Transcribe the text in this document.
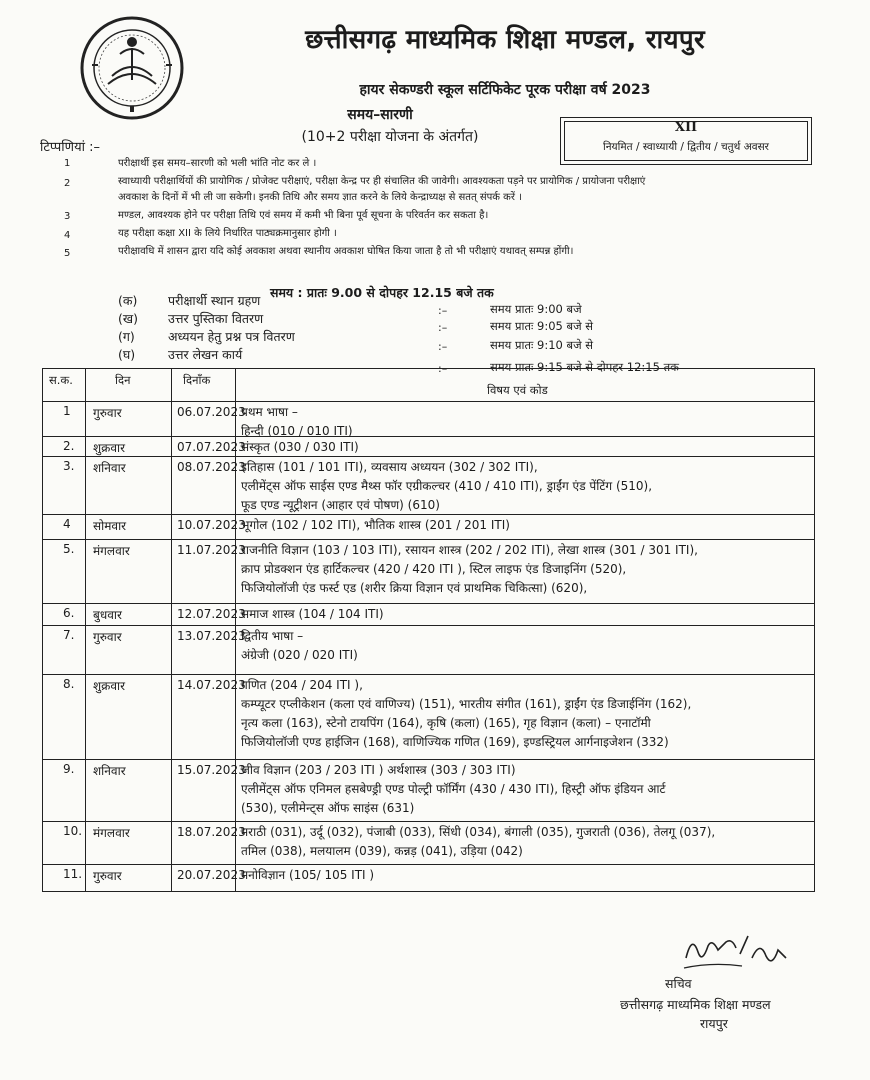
छत्तीसगढ़ माध्यमिक शिक्षा मण्डल, रायपुर
हायर सेकण्डरी स्कूल सर्टिफिकेट पूरक परीक्षा वर्ष 2023
समय–सारणी
(10+2 परीक्षा योजना के अंतर्गत)
XII
नियमित / स्वाध्यायी / द्वितीय / चतुर्थ अवसर
टिप्पणियां :–
1	परीक्षार्थी इस समय–सारणी को भली भांति नोट कर ले ।
2	स्वाध्यायी परीक्षार्थियों की प्रायोगिक / प्रोजेक्ट परीक्षाएं, परीक्षा केन्द्र पर ही संचालित की जावेगी। आवश्यकता पड़ने पर प्रायोगिक / प्रायोजना परीक्षाएं
अवकाश के दिनों में भी ली जा सकेगी। इनकी तिथि और समय ज्ञात करने के लिये केन्द्राध्यक्ष से सतत् संपर्क करें ।
3	मण्डल, आवश्यक होने पर परीक्षा तिथि एवं समय में कमी भी बिना पूर्व सूचना के परिवर्तन कर सकता है।
4	यह परीक्षा कक्षा XII के लिये निर्धारित पाठ्यक्रमानुसार होगी ।
5	परीक्षावधि में शासन द्वारा यदि कोई अवकाश अथवा स्थानीय अवकाश घोषित किया जाता है तो भी परीक्षाएं यथावत् सम्पन्न होंगी।
समय : प्रातः 9.00 से दोपहर 12.15 बजे तक
(क) परीक्षार्थी स्थान ग्रहण
:–	समय प्रातः 9:00 बजे
(ख) उत्तर पुस्तिका वितरण
:–	समय प्रातः 9:05 बजे से
(ग)	अध्ययन हेतु प्रश्न पत्र वितरण
:–	समय प्रातः 9:10 बजे से
(घ)	उत्तर लेखन कार्य
:–	समय प्रातः 9:15 बजे से दोपहर 12:15 तक
स.क.	दिन	दिनाँक
विषय एवं कोड
1 गुरुवार	06.07.2023
प्रथम भाषा –
हिन्दी (010 / 010 ITI)
2. शुक्रवार	07.07.2023
संस्कृत (030 / 030 ITI)
3. शनिवार	08.07.2023
इतिहास (101 / 101 ITI), व्यवसाय अध्ययन (302 / 302 ITI),
एलीमेंट्स ऑफ साईस एण्ड मैथ्स फॉर एग्रीकल्चर (410 / 410 ITI), ड्राईंग एंड पेंटिंग (510),
फूड एण्ड न्यूट्रीशन (आहार एवं पोषण) (610)
4 सोमवार	10.07.2023
भूगोल (102 / 102 ITI), भौतिक शास्त्र (201 / 201 ITI)
5. मंगलवार	11.07.2023
राजनीति विज्ञान (103 / 103 ITI), रसायन शास्त्र (202 / 202 ITI), लेखा शास्त्र (301 / 301 ITI),
क्राप प्रोडक्शन एंड हार्टिकल्चर (420 / 420 ITI ), स्टिल लाइफ एंड डिजाइनिंग (520),
फिजियोलॉजी एंड फर्स्ट एड (शरीर क्रिया विज्ञान एवं प्राथमिक चिकित्सा) (620),
6. बुधवार	12.07.2023
समाज शास्त्र (104 / 104 ITI)
7. गुरुवार	13.07.2023
द्वितीय भाषा –
अंग्रेजी (020 / 020 ITI)
8. शुक्रवार	14.07.2023
गणित (204 / 204 ITI ),
कम्प्यूटर एप्लीकेशन (कला एवं वाणिज्य) (151), भारतीय संगीत (161), ड्राईंग एंड डिजाईनिंग (162),
नृत्य कला (163), स्टेनो टायपिंग (164), कृषि (कला) (165), गृह विज्ञान (कला) – एनाटॉमी
फिजियोलॉजी एण्ड हाईजिन (168), वाणिज्यिक गणित (169), इण्डस्ट्रियल आर्गनाइजेशन (332)
9. शनिवार	15.07.2023
जीव विज्ञान (203 / 203 ITI ) अर्थशास्त्र (303 / 303 ITI)
एलीमेंट्स ऑफ एनिमल हसबेण्ड्री एण्ड पोल्ट्री फॉर्मिंग (430 / 430 ITI), हिस्ट्री ऑफ इंडियन आर्ट
(530), एलीमेन्ट्स ऑफ साइंस (631)
10. मंगलवार	18.07.2023
मराठी (031), उर्दू (032), पंजाबी (033), सिंधी (034), बंगाली (035), गुजराती (036), तेलगू (037),
तमिल (038), मलयालम (039), कन्नड़ (041), उड़िया (042)
11. गुरुवार	20.07.2023
मनोविज्ञान (105/ 105 ITI )
सचिव
छत्तीसगढ़ माध्यमिक शिक्षा मण्डल
रायपुर
